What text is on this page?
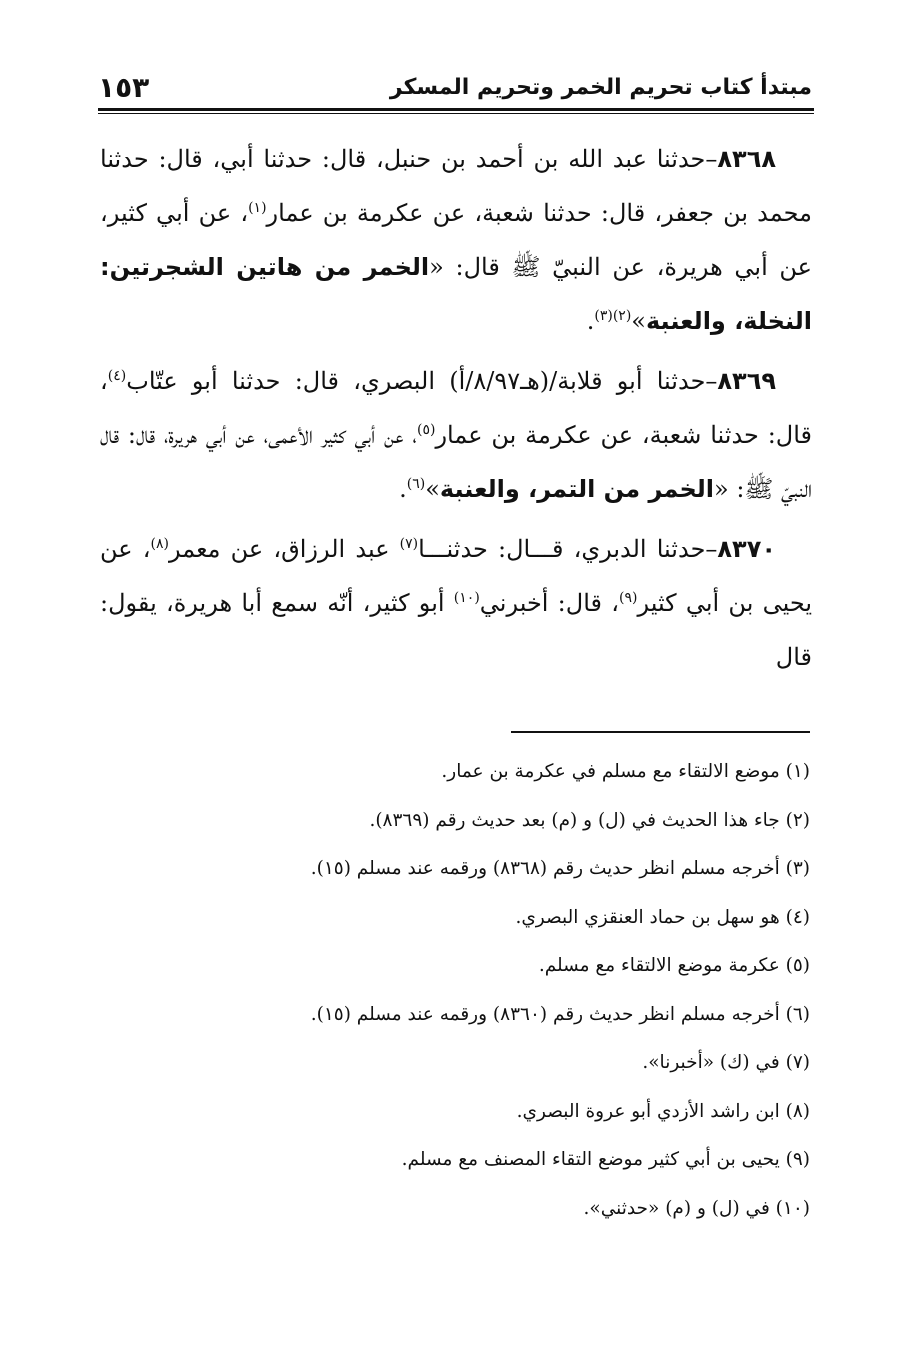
١٥٣	مبتدأ كتاب تحريم الخمر وتحريم المسكر

٨٣٦٨–حدثنا عبد الله بن أحمد بن حنبل، قال: حدثنا أبي، قال: حدثنا محمد بن جعفر، قال: حدثنا شعبة، عن عكرمة بن عمار$^{(١)}$، عن أبي كثير، عن أبي هريرة، عن النبيّ ﷺ قال: «الخمر من هاتين الشجرتين: النخلة، والعنبة»$^{(٢)(٣)}$.

٨٣٦٩–حدثنا أبو قلابة/(هـ٨/٩٧/أ) البصري، قال: حدثنا أبو عتّاب$^{(٤)}$، قال: حدثنا شعبة، عن عكرمة بن عمار$^{(٥)}$، عن أبي كثير الأعمى، عن أبي هريرة، قال: قال النبيّ ﷺ: «الخمر من التمر، والعنبة»$^{(٦)}$.

٨٣٧٠–حدثنا الدبري، قـــال: حدثنـــا$^{(٧)}$ عبد الرزاق، عن معمر$^{(٨)}$، عن يحيى بن أبي كثير$^{(٩)}$، قال: أخبرني$^{(١٠)}$ أبو كثير، أنّه سمع أبا هريرة، يقول: قال

(١) موضع الالتقاء مع مسلم في عكرمة بن عمار.
(٢) جاء هذا الحديث في (ل) و (م) بعد حديث رقم (٨٣٦٩).
(٣) أخرجه مسلم انظر حديث رقم (٨٣٦٨) ورقمه عند مسلم (١٥).
(٤) هو سهل بن حماد العنقزي البصري.
(٥) عكرمة موضع الالتقاء مع مسلم.
(٦) أخرجه مسلم انظر حديث رقم (٨٣٦٠) ورقمه عند مسلم (١٥).
(٧) في (ك) «أخبرنا».
(٨) ابن راشد الأزدي أبو عروة البصري.
(٩) يحيى بن أبي كثير موضع التقاء المصنف مع مسلم.
(١٠) في (ل) و (م) «حدثني».
